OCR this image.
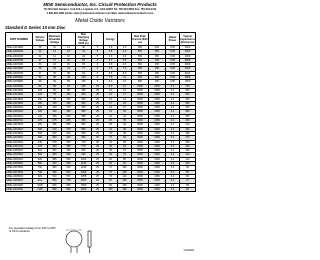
MDE Semiconductor, Inc. Circuit Protection Products
78-150 Calle Tampico, Unit 210, La Quinta, CA., USA 92253 Tel: 760-564-8656 Fax: 760-564-2414
1-800-831-4881 Email: sales@mdesemiconductor.com Web: www.mdesemiconductor.com
Metal Oxide Varistors
Standard D Series 10 mm Disc
PART NUMBER	Varistor Voltage	Maximum Allowable Voltage		Max Clamping Voltage (8/20 μs)		Energy		Max Peak Current (8/20 μs)		Rated Power	Typical Capacitance (Reference)
MDE-10D180K	18	11	14	36	5	2.5	3.5	500	250	0.05	5000
MDE-10D200K	20	14	18	43	5	2.8	4.0	500	250	0.05	4500
MDE-10D220K	22	14	18	43	5	3.0	4.5	500	250	0.05	4000
MDE-10D270K	27	17	22	53	5	3.7	5.5	500	250	0.05	3600
MDE-10D330K	33	20	26	65	5	4.5	6.5	500	250	0.05	3000
MDE-10D390K	39	25	31	77	5	5.5	7.5	500	250	0.05	2600
MDE-10D470K	47	30	38	93	5	6.5	9.0	500	250	0.05	2100
MDE-10D560K	56	35	45	110	5	7.5	11	500	250	0.05	1800
MDE-10D680K	68	40	56	135	5	9.0	13	500	250	0.05	1500
MDE-10D820K	82	50	65	135	25	8.0	12	2500	1250	0.4	700
MDE-10D101K	100	60	85	165	25	10	14	2500	1250	0.4	600
MDE-10D121K	120	75	100	200	25	12	17	2500	1250	0.4	500
MDE-10D151K	150	95	125	250	25	15	21	2500	1250	0.4	400
MDE-10D181K	180	115	150	300	25	17	25	2500	1250	0.4	350
MDE-10D201K	200	130	170	340	25	19	27	2500	1250	0.4	300
MDE-10D221K	220	140	180	360	25	21	30	2500	1250	0.4	280
MDE-10D241K	240	150	200	395	25	23	32	2500	1250	0.4	260
MDE-10D271K	270	175	225	455	25	25	35	2500	1250	0.4	230
MDE-10D301K	300	195	250	500	25	28	40	2500	1250	0.4	210
MDE-10D331K	330	210	275	550	25	31	45	2500	1250	0.4	190
MDE-10D361K	360	230	300	595	25	34	48	2500	1250	0.4	180
MDE-10D391K	390	250	320	650	25	37	52	2500	1250	0.4	170
MDE-10D431K	430	275	350	710	25	41	58	2500	1250	0.4	150
MDE-10D471K	470	300	385	775	25	45	64	2500	1250	0.4	140
MDE-10D511K	510	320	415	845	25	49	70	2500	1250	0.4	130
MDE-10D561K	560	350	460	925	25	54	76	2500	1250	0.4	120
MDE-10D621K	620	385	505	1025	25	60	85	2500	1250	0.4	110
MDE-10D681K	680	420	560	1120	25	65	92	2500	1250	0.4	100
MDE-10D751K	750	460	615	1240	25	72	100	2500	1250	0.4	90
MDE-10D781K	780	485	640	1290	25	75	105	2500	1250	0.4	85
MDE-10D821K	820	510	670	1355	25	79	110	2500	1250	0.4	80
MDE-10D911K	910	550	745	1500	25	87	125	2500	1250	0.4	70
MDE-10D102K	1000	625	825	1650	25	96	135	2500	1250	0.4	65
MDE-10D112K	1100	680	895	1815	25	105	150	2500	1250	0.4	60
For standard voltage from 18V to 68V,
of 10% tolerance
CG2003
